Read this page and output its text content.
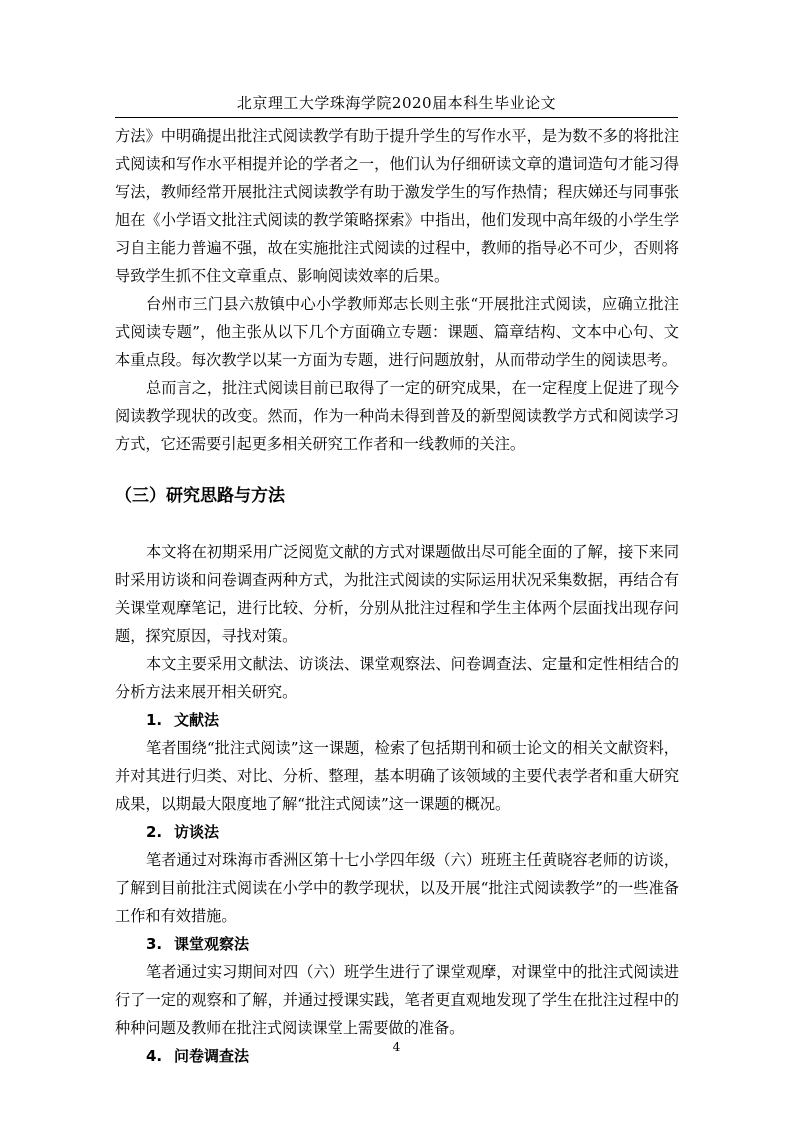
北京理工大学珠海学院2020届本科生毕业论文

方法》中明确提出批注式阅读教学有助于提升学生的写作水平，是为数不多的将批注式阅读和写作水平相提并论的学者之一，他们认为仔细研读文章的遣词造句才能习得写法，教师经常开展批注式阅读教学有助于激发学生的写作热情；程庆娣还与同事张旭在《小学语文批注式阅读的教学策略探索》中指出，他们发现中高年级的小学生学习自主能力普遍不强，故在实施批注式阅读的过程中，教师的指导必不可少，否则将导致学生抓不住文章重点、影响阅读效率的后果。

台州市三门县六敖镇中心小学教师郑志长则主张“开展批注式阅读，应确立批注式阅读专题”，他主张从以下几个方面确立专题：课题、篇章结构、文本中心句、文本重点段。每次教学以某一方面为专题，进行问题放射，从而带动学生的阅读思考。

总而言之，批注式阅读目前已取得了一定的研究成果，在一定程度上促进了现今阅读教学现状的改变。然而，作为一种尚未得到普及的新型阅读教学方式和阅读学习方式，它还需要引起更多相关研究工作者和一线教师的关注。

（三）研究思路与方法

本文将在初期采用广泛阅览文献的方式对课题做出尽可能全面的了解，接下来同时采用访谈和问卷调查两种方式，为批注式阅读的实际运用状况采集数据，再结合有关课堂观摩笔记，进行比较、分析，分别从批注过程和学生主体两个层面找出现存问题，探究原因，寻找对策。

本文主要采用文献法、访谈法、课堂观察法、问卷调查法、定量和定性相结合的分析方法来展开相关研究。

1. 文献法

笔者围绕“批注式阅读”这一课题，检索了包括期刊和硕士论文的相关文献资料，并对其进行归类、对比、分析、整理，基本明确了该领域的主要代表学者和重大研究成果，以期最大限度地了解“批注式阅读”这一课题的概况。

2. 访谈法

笔者通过对珠海市香洲区第十七小学四年级（六）班班主任黄晓容老师的访谈，了解到目前批注式阅读在小学中的教学现状，以及开展“批注式阅读教学”的一些准备工作和有效措施。

3. 课堂观察法

笔者通过实习期间对四（六）班学生进行了课堂观摩，对课堂中的批注式阅读进行了一定的观察和了解，并通过授课实践，笔者更直观地发现了学生在批注过程中的种种问题及教师在批注式阅读课堂上需要做的准备。

4. 问卷调查法	4
